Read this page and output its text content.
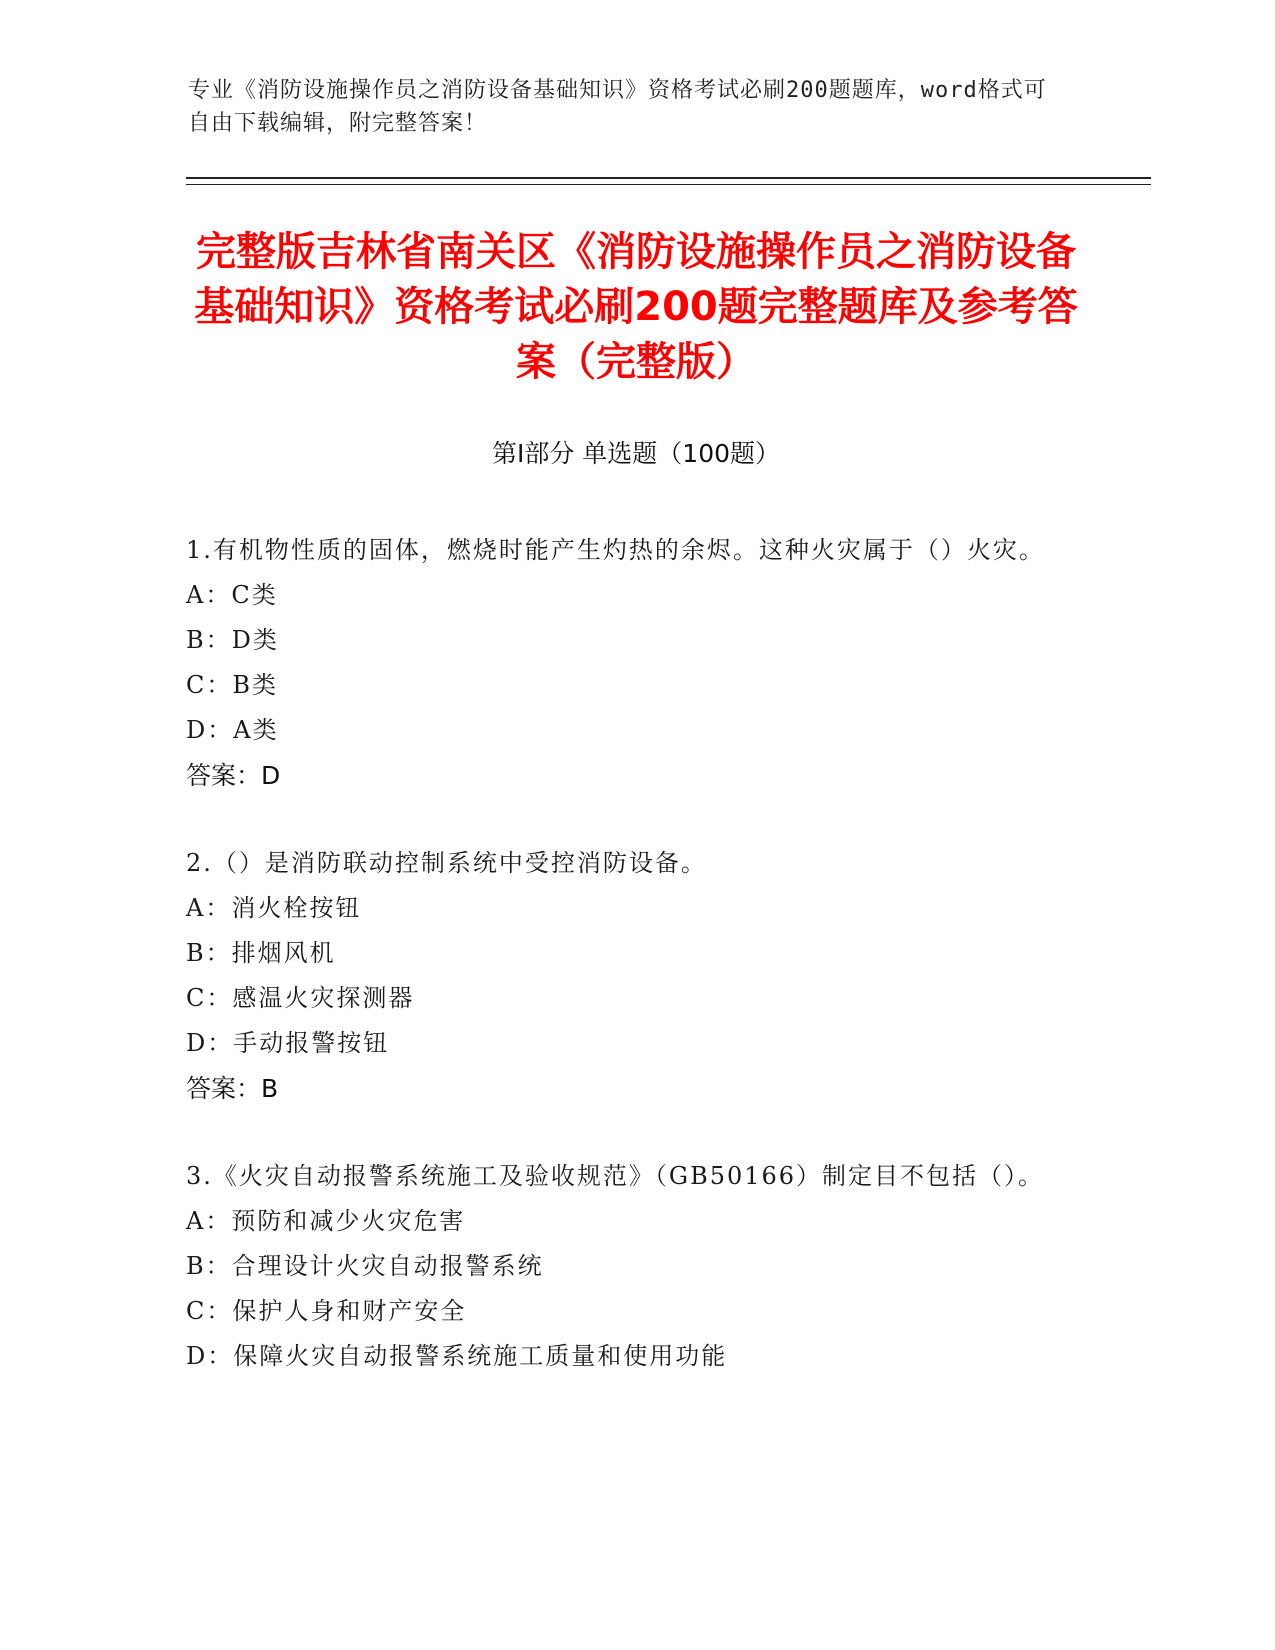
专业《消防设施操作员之消防设备基础知识》资格考试必刷200题题库，word格式可自由下载编辑，附完整答案！
完整版吉林省南关区《消防设施操作员之消防设备基础知识》资格考试必刷200题完整题库及参考答案（完整版）
第Ⅰ部分 单选题（100题）
1.有机物性质的固体，燃烧时能产生灼热的余烬。这种火灾属于（）火灾。
A：C类
B：D类
C：B类
D：A类
答案：D
2.（）是消防联动控制系统中受控消防设备。
A：消火栓按钮
B：排烟风机
C：感温火灾探测器
D：手动报警按钮
答案：B
3.《火灾自动报警系统施工及验收规范》（GB50166）制定目不包括（）。
A：预防和减少火灾危害
B：合理设计火灾自动报警系统
C：保护人身和财产安全
D：保障火灾自动报警系统施工质量和使用功能
